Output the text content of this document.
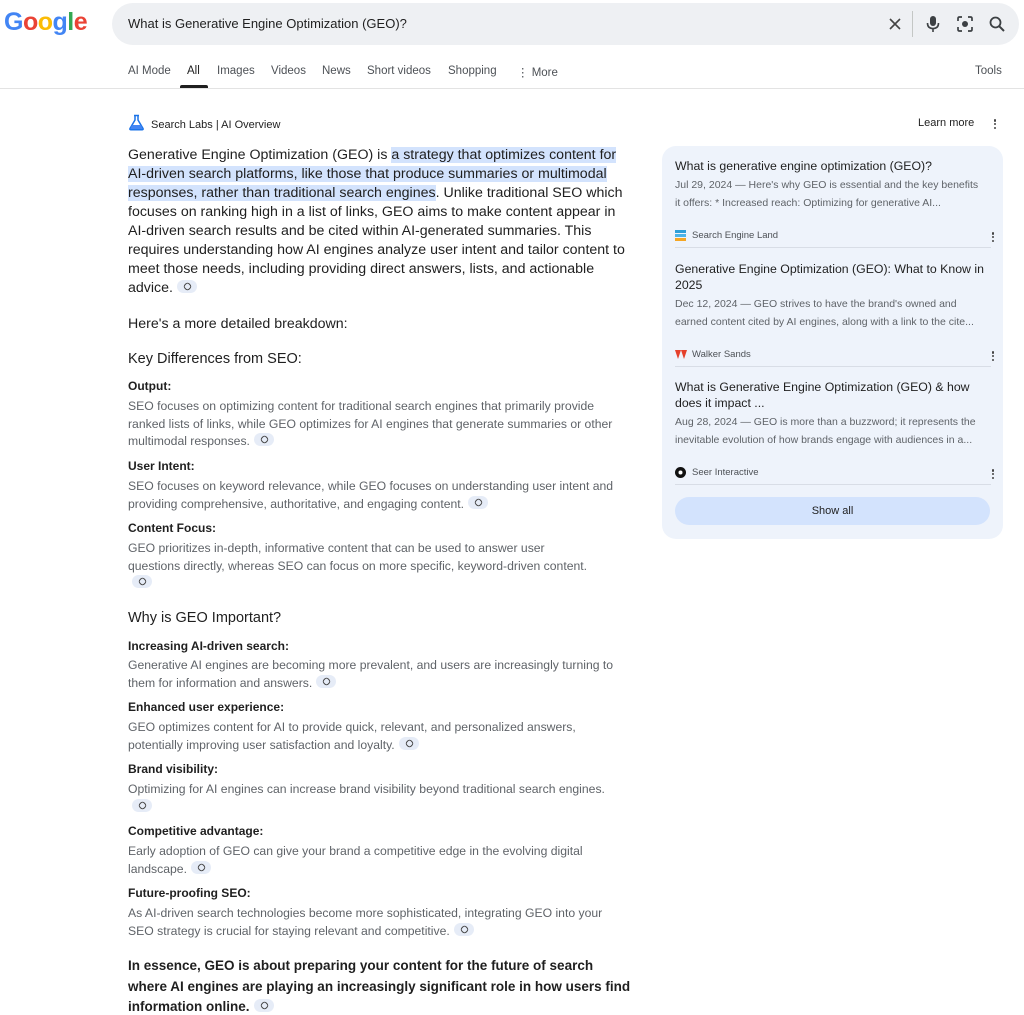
Google	What is Generative Engine Optimization (GEO)?
AI Mode All Images Videos News Short videos Shopping ⋮ More	Tools
Search Labs | AI Overview	Learn more
Generative Engine Optimization (GEO) is a strategy that optimizes content for AI-driven search platforms, like those that produce summaries or multimodal responses, rather than traditional search engines. Unlike traditional SEO which focuses on ranking high in a list of links, GEO aims to make content appear in AI-driven search results and be cited within AI-generated summaries. This requires understanding how AI engines analyze user intent and tailor content to meet those needs, including providing direct answers, lists, and actionable advice.
Here's a more detailed breakdown:
Key Differences from SEO:
Output:
SEO focuses on optimizing content for traditional search engines that primarily provide ranked lists of links, while GEO optimizes for AI engines that generate summaries or other multimodal responses.
User Intent:
SEO focuses on keyword relevance, while GEO focuses on understanding user intent and providing comprehensive, authoritative, and engaging content.
Content Focus:
GEO prioritizes in-depth, informative content that can be used to answer user questions directly, whereas SEO can focus on more specific, keyword-driven content.
Why is GEO Important?
Increasing AI-driven search:
Generative AI engines are becoming more prevalent, and users are increasingly turning to them for information and answers.
Enhanced user experience:
GEO optimizes content for AI to provide quick, relevant, and personalized answers, potentially improving user satisfaction and loyalty.
Brand visibility:
Optimizing for AI engines can increase brand visibility beyond traditional search engines.
Competitive advantage:
Early adoption of GEO can give your brand a competitive edge in the evolving digital landscape.
Future-proofing SEO:
As AI-driven search technologies become more sophisticated, integrating GEO into your SEO strategy is crucial for staying relevant and competitive.
In essence, GEO is about preparing your content for the future of search where AI engines are playing an increasingly significant role in how users find information online.
What is generative engine optimization (GEO)?
Jul 29, 2024 — Here's why GEO is essential and the key benefits
it offers: * Increased reach: Optimizing for generative AI...
Search Engine Land
Generative Engine Optimization (GEO): What to Know in 2025
Dec 12, 2024 — GEO strives to have the brand's owned and
earned content cited by AI engines, along with a link to the cite...
Walker Sands
What is Generative Engine Optimization (GEO) & how does it impact ...
Aug 28, 2024 — GEO is more than a buzzword; it represents the
inevitable evolution of how brands engage with audiences in a...
Seer Interactive
Show all
